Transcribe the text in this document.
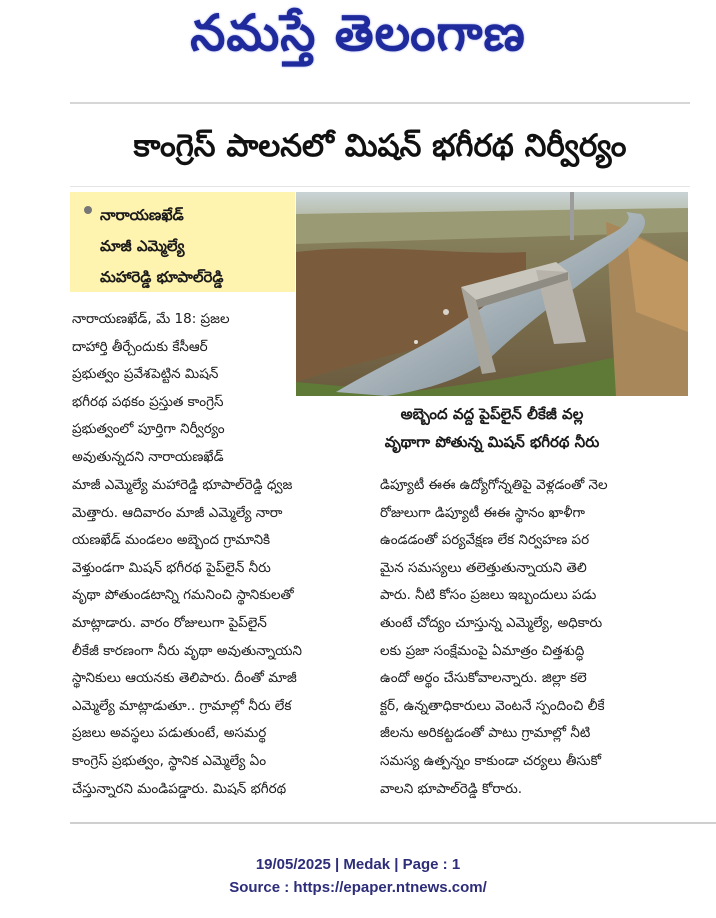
నమస్తే తెలంగాణ
కాంగ్రెస్ పాలనలో మిషన్ భగీరథ నిర్వీర్యం
నారాయణఖేడ్
మాజీ ఎమ్మెల్యే
మహారెడ్డి భూపాల్‌రెడ్డి
అబ్బెంద వద్ద పైప్‌లైన్ లీకేజీ వల్ల
వృథాగా పోతున్న మిషన్ భగీరథ నీరు
నారాయణఖేడ్, మే 18: ప్రజల
దాహార్తి తీర్చేందుకు కేసీఆర్
ప్రభుత్వం ప్రవేశపెట్టిన మిషన్
భగీరథ పథకం ప్రస్తుత కాంగ్రెస్
ప్రభుత్వంలో పూర్తిగా నిర్వీర్యం
అవుతున్నదని నారాయణఖేడ్
మాజీ ఎమ్మెల్యే మహారెడ్డి భూపాల్‌రెడ్డి ధ్వజ
మెత్తారు. ఆదివారం మాజీ ఎమ్మెల్యే నారా
యణఖేడ్ మండలం అబ్బెంద గ్రామానికి
వెళ్తుండగా మిషన్ భగీరథ పైప్‌లైన్ నీరు
వృథా పోతుండటాన్ని గమనించి స్థానికులతో
మాట్లాడారు. వారం రోజులుగా పైప్‌లైన్
లీకేజీ కారణంగా నీరు వృథా అవుతున్నాయని
స్థానికులు ఆయనకు తెలిపారు. దీంతో మాజీ
ఎమ్మెల్యే మాట్లాడుతూ.. గ్రామాల్లో నీరు లేక
ప్రజలు అవస్థలు పడుతుంటే, అసమర్థ
కాంగ్రెస్ ప్రభుత్వం, స్థానిక ఎమ్మెల్యే ఏం
చేస్తున్నారని మండిపడ్డారు. మిషన్ భగీరథ
డిప్యూటీ ఈఈ ఉద్యోగోన్నతిపై వెళ్లడంతో నెల
రోజులుగా డిప్యూటీ ఈఈ స్థానం ఖాళీగా
ఉండడంతో పర్యవేక్షణ లేక నిర్వహణ పర
మైన సమస్యలు తలెత్తుతున్నాయని తెలి
పారు. నీటి కోసం ప్రజలు ఇబ్బందులు పడు
తుంటే చోద్యం చూస్తున్న ఎమ్మెల్యే, అధికారు
లకు ప్రజా సంక్షేమంపై ఏమాత్రం చిత్తశుద్ధి
ఉందో అర్థం చేసుకోవాలన్నారు. జిల్లా కలె
క్టర్, ఉన్నతాధికారులు వెంటనే స్పందించి లీకే
జీలను అరికట్టడంతో పాటు గ్రామాల్లో నీటి
సమస్య ఉత్పన్నం కాకుండా చర్యలు తీసుకో
వాలని భూపాల్‌రెడ్డి కోరారు.
19/05/2025 | Medak | Page : 1
Source : https://epaper.ntnews.com/
